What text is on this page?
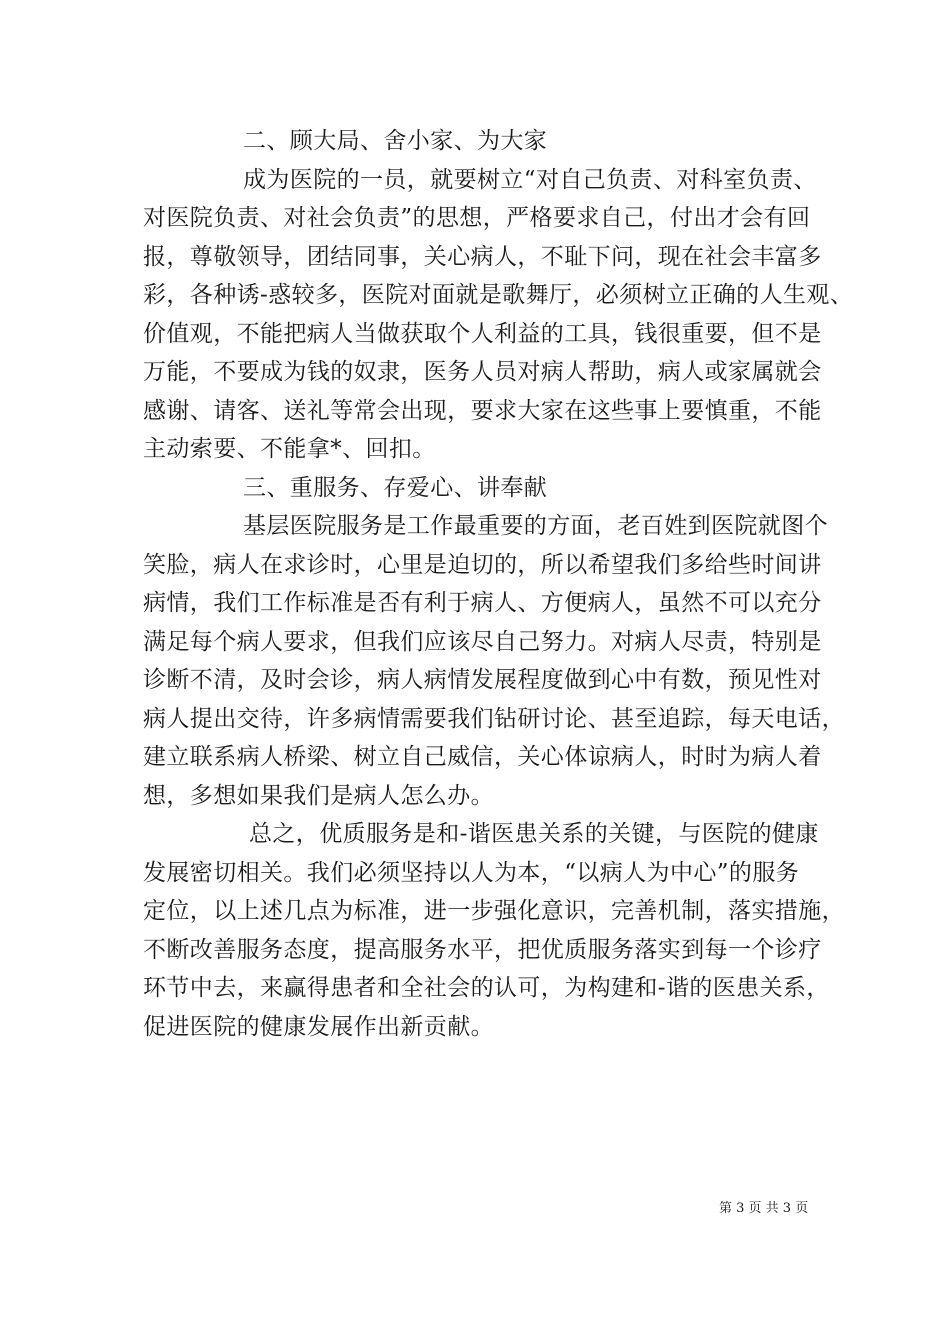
二、顾大局、舍小家、为大家
成为医院的一员，就要树立“对自己负责、对科室负责、
对医院负责、对社会负责”的思想，严格要求自己，付出才会有回
报，尊敬领导，团结同事，关心病人，不耻下问，现在社会丰富多
彩，各种诱-惑较多，医院对面就是歌舞厅，必须树立正确的人生观、
价值观，不能把病人当做获取个人利益的工具，钱很重要，但不是
万能，不要成为钱的奴隶，医务人员对病人帮助，病人或家属就会
感谢、请客、送礼等常会出现，要求大家在这些事上要慎重，不能
主动索要、不能拿*、回扣。
三、重服务、存爱心、讲奉献
基层医院服务是工作最重要的方面，老百姓到医院就图个
笑脸，病人在求诊时，心里是迫切的，所以希望我们多给些时间讲
病情，我们工作标准是否有利于病人、方便病人，虽然不可以充分
满足每个病人要求，但我们应该尽自己努力。对病人尽责，特别是
诊断不清，及时会诊，病人病情发展程度做到心中有数，预见性对
病人提出交待，许多病情需要我们钻研讨论、甚至追踪，每天电话，
建立联系病人桥梁、树立自己威信，关心体谅病人，时时为病人着
想，多想如果我们是病人怎么办。
总之，优质服务是和-谐医患关系的关键，与医院的健康
发展密切相关。我们必须坚持以人为本，“以病人为中心”的服务
定位，以上述几点为标准，进一步强化意识，完善机制，落实措施，
不断改善服务态度，提高服务水平，把优质服务落实到每一个诊疗
环节中去，来赢得患者和全社会的认可，为构建和-谐的医患关系，
促进医院的健康发展作出新贡献。
第 3 页 共 3 页
